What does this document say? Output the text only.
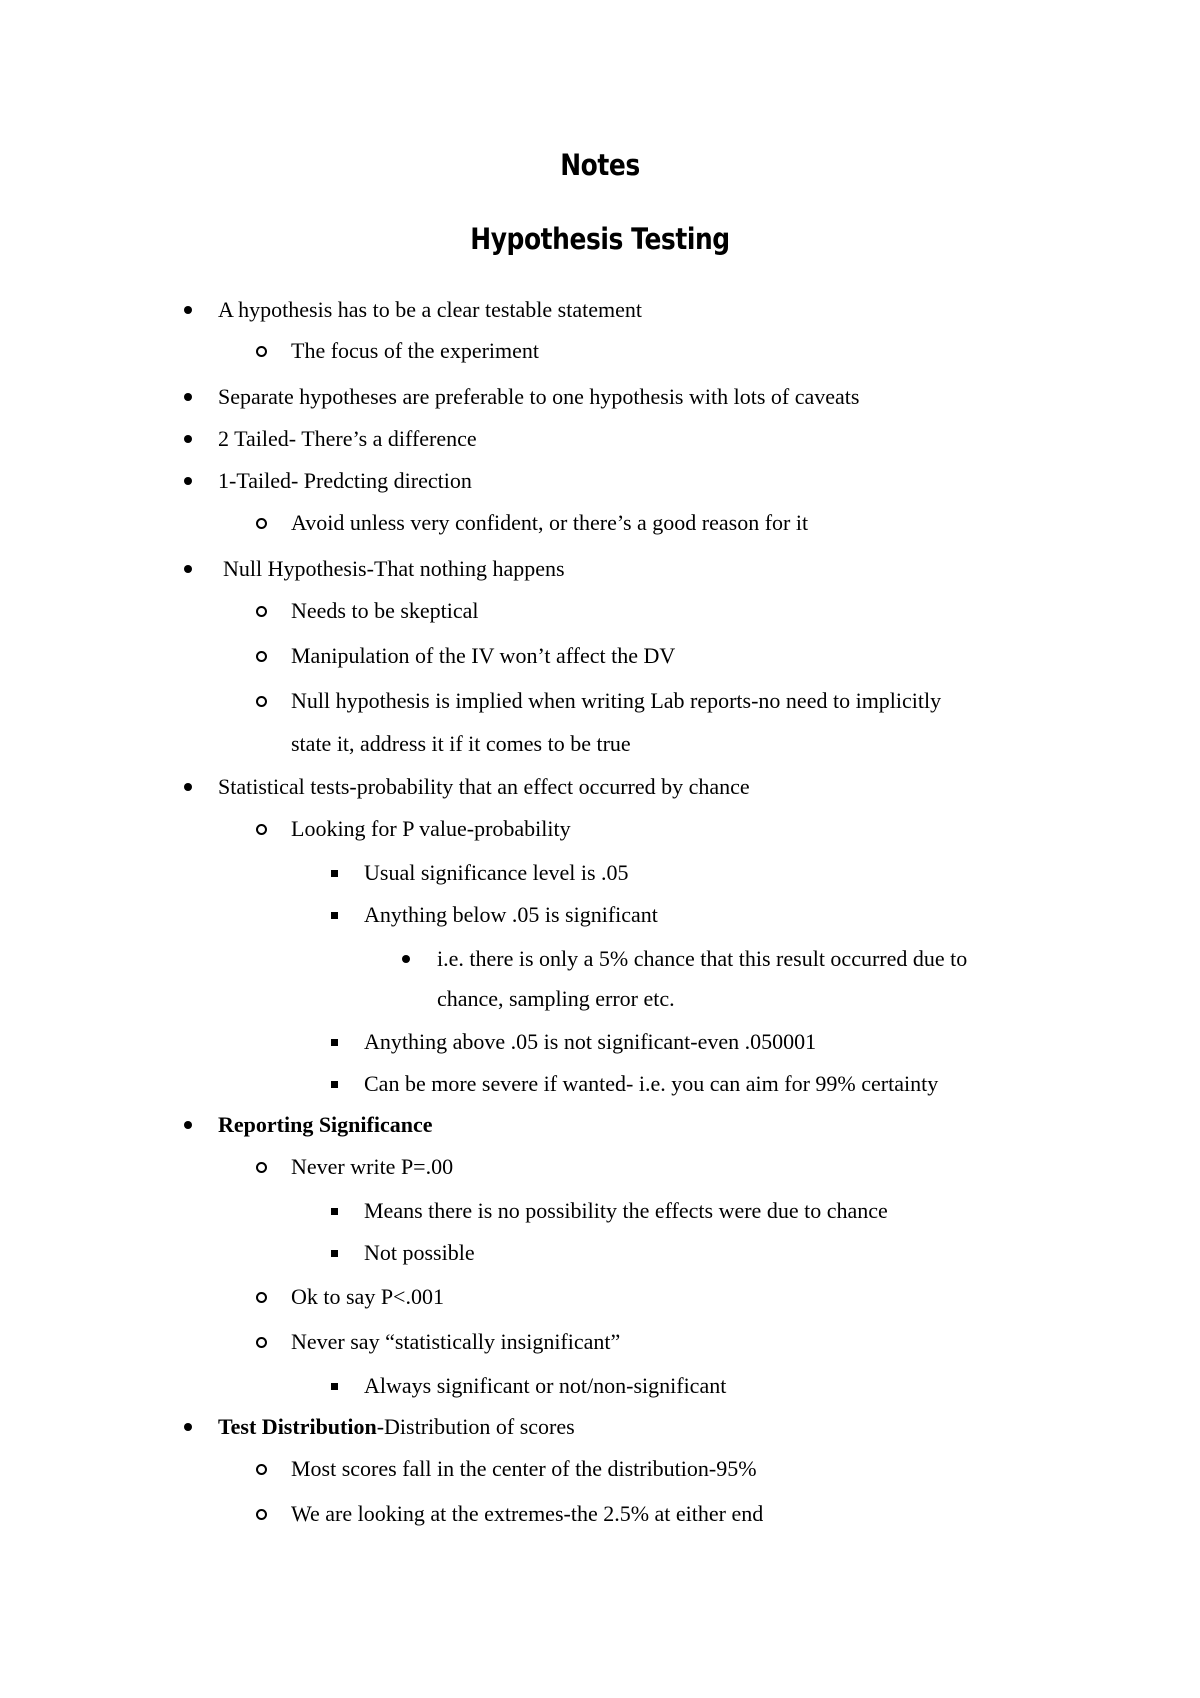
Notes
Hypothesis Testing
A hypothesis has to be a clear testable statement
The focus of the experiment
Separate hypotheses are preferable to one hypothesis with lots of caveats
2 Tailed- There’s a difference
1-Tailed- Predcting direction
Avoid unless very confident, or there’s a good reason for it
Null Hypothesis-That nothing happens
Needs to be skeptical
Manipulation of the IV won’t affect the DV
Null hypothesis is implied when writing Lab reports-no need to implicitly
state it, address it if it comes to be true
Statistical tests-probability that an effect occurred by chance
Looking for P value-probability
Usual significance level is .05
Anything below .05 is significant
i.e. there is only a 5% chance that this result occurred due to
chance, sampling error etc.
Anything above .05 is not significant-even .050001
Can be more severe if wanted- i.e. you can aim for 99% certainty
Reporting Significance
Never write P=.00
Means there is no possibility the effects were due to chance
Not possible
Ok to say P<.001
Never say “statistically insignificant”
Always significant or not/non-significant
Test Distribution-Distribution of scores
Most scores fall in the center of the distribution-95%
We are looking at the extremes-the 2.5% at either end
